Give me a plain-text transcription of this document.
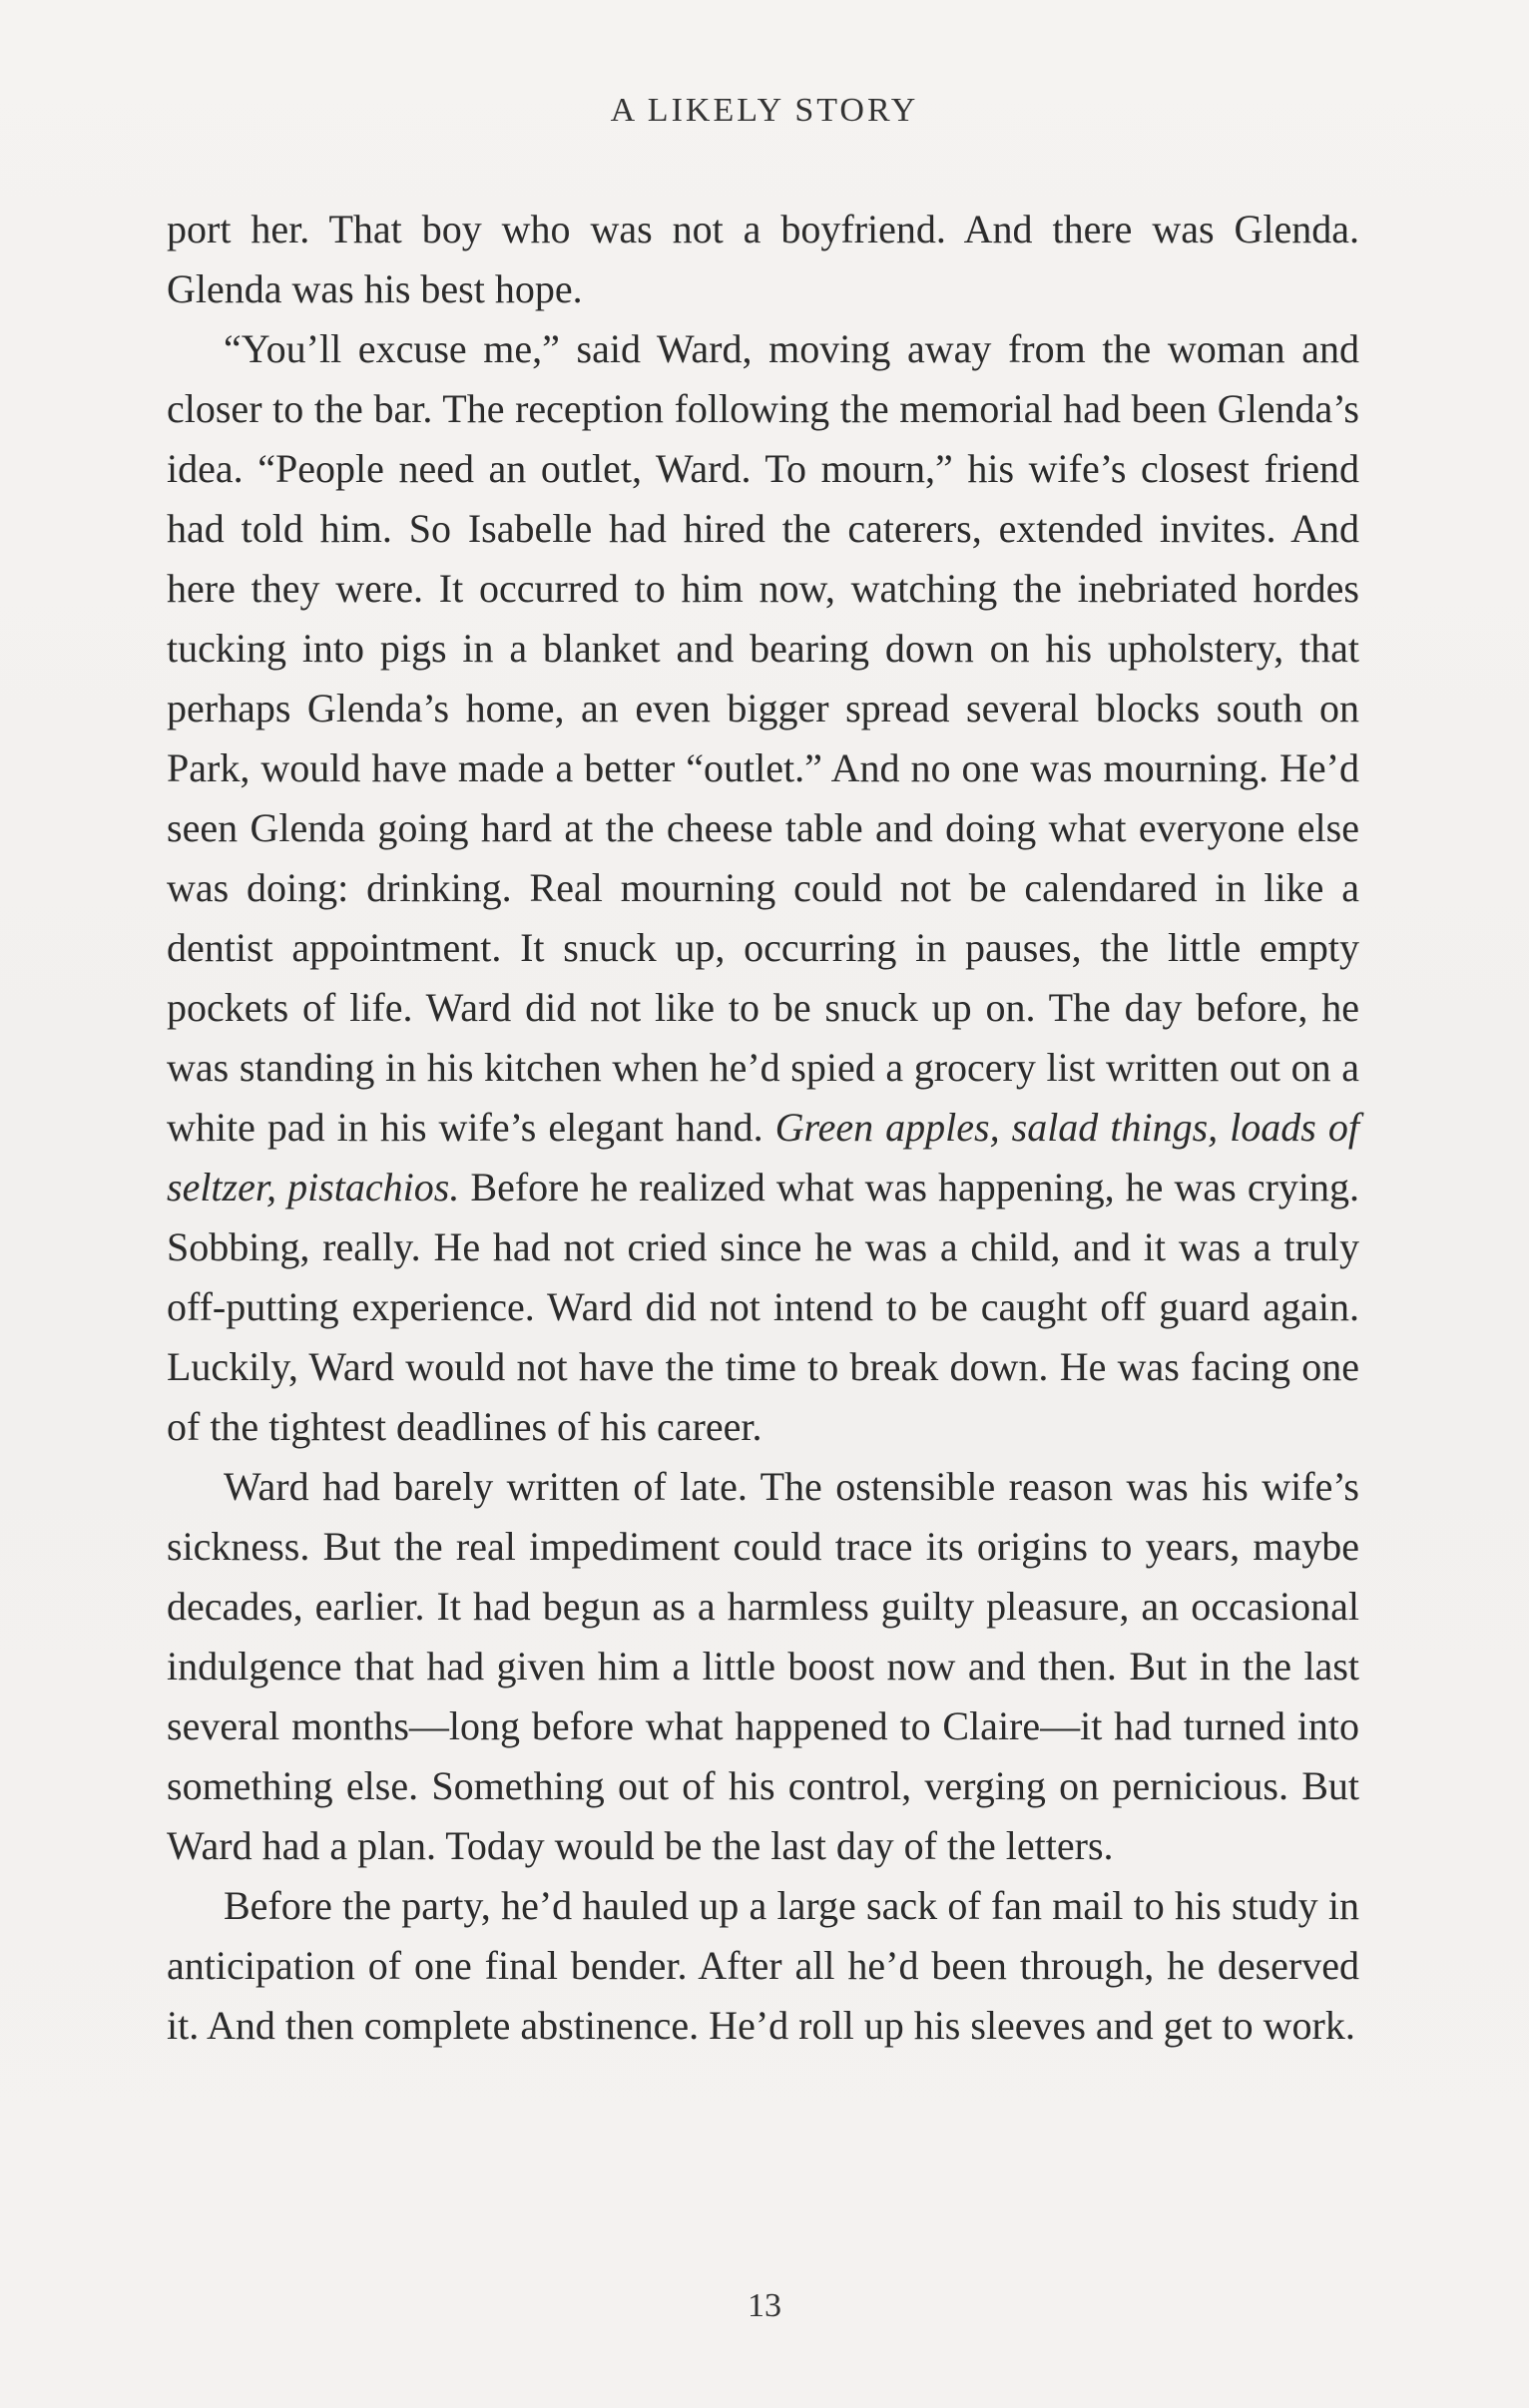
A LIKELY STORY

port her. That boy who was not a boyfriend. And there was Glenda. Glenda was his best hope.

“You’ll excuse me,” said Ward, moving away from the woman and closer to the bar. The reception following the memorial had been Glenda’s idea. “People need an outlet, Ward. To mourn,” his wife’s closest friend had told him. So Isabelle had hired the caterers, extended invites. And here they were. It occurred to him now, watching the inebriated hordes tucking into pigs in a blanket and bearing down on his upholstery, that perhaps Glenda’s home, an even bigger spread several blocks south on Park, would have made a better “outlet.” And no one was mourning. He’d seen Glenda going hard at the cheese table and doing what everyone else was doing: drinking. Real mourning could not be calendared in like a dentist appointment. It snuck up, occurring in pauses, the little empty pockets of life. Ward did not like to be snuck up on. The day before, he was standing in his kitchen when he’d spied a grocery list written out on a white pad in his wife’s elegant hand. Green apples, salad things, loads of seltzer, pistachios. Before he realized what was happening, he was crying. Sobbing, really. He had not cried since he was a child, and it was a truly off-putting experience. Ward did not intend to be caught off guard again. Luckily, Ward would not have the time to break down. He was facing one of the tightest deadlines of his career.

Ward had barely written of late. The ostensible reason was his wife’s sickness. But the real impediment could trace its origins to years, maybe decades, earlier. It had begun as a harmless guilty pleasure, an occasional indulgence that had given him a little boost now and then. But in the last several months—long before what happened to Claire—it had turned into something else. Something out of his control, verging on pernicious. But Ward had a plan. Today would be the last day of the letters.

Before the party, he’d hauled up a large sack of fan mail to his study in anticipation of one final bender. After all he’d been through, he deserved it. And then complete abstinence. He’d roll up his sleeves and get to work.

13
